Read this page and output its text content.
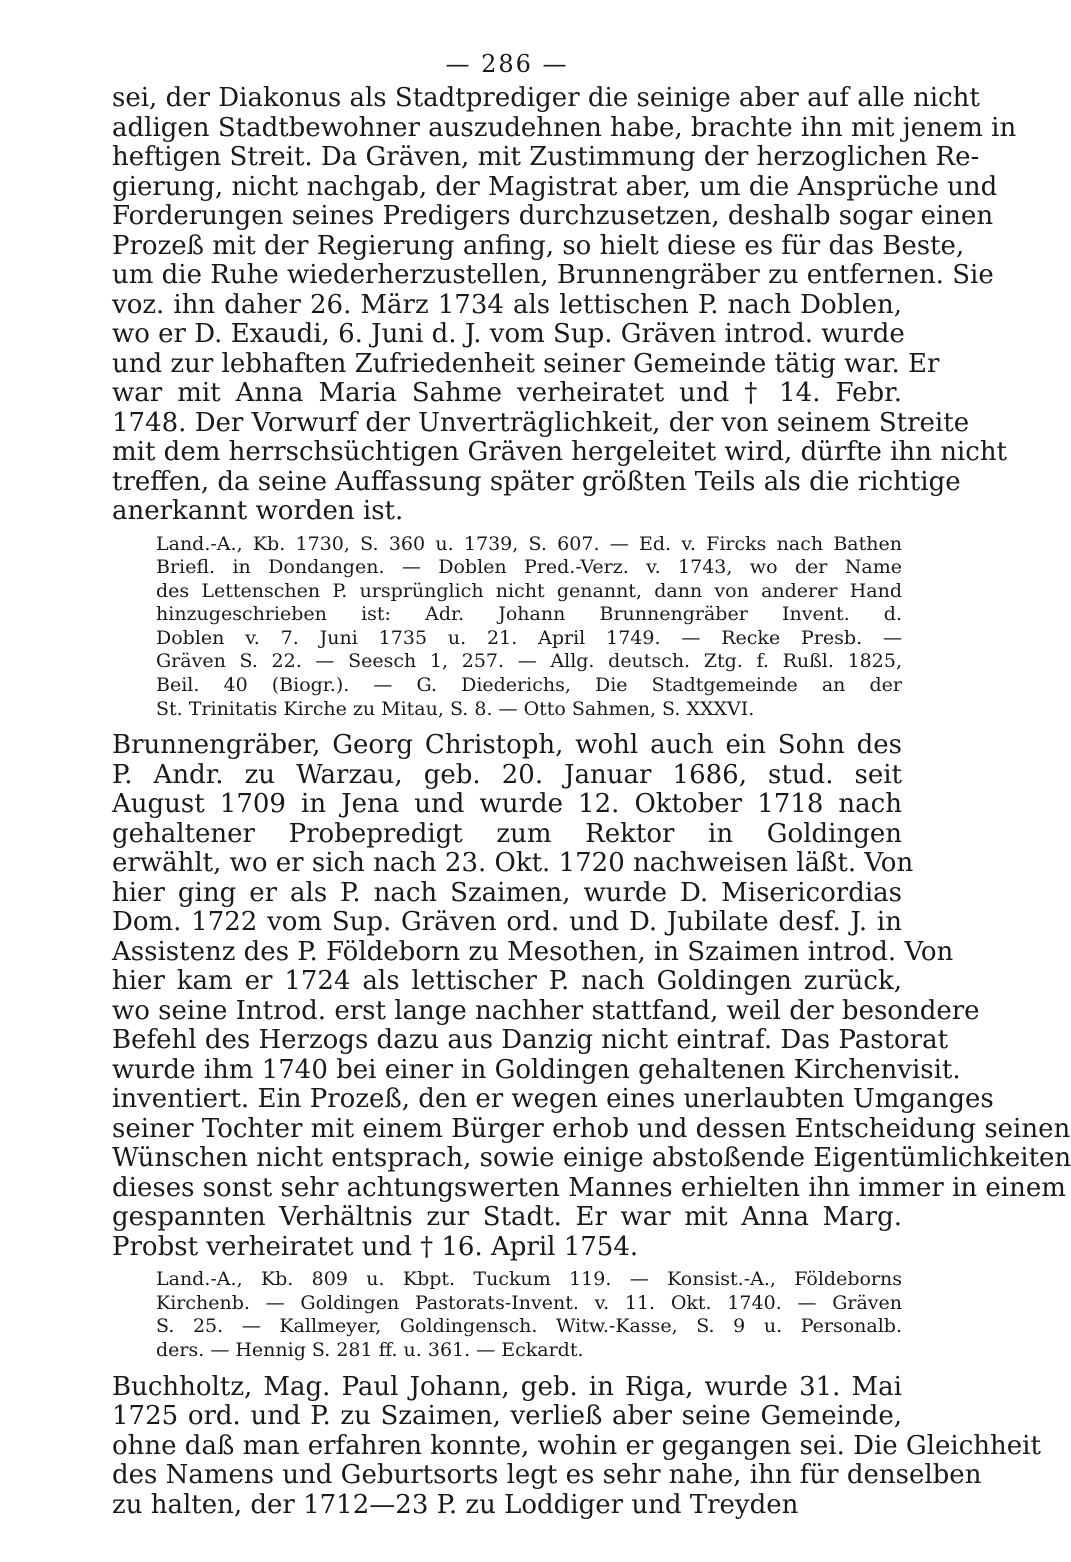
— 286 —
sei, der Diakonus als Stadtprediger die seinige aber auf alle nicht
adligen Stadtbewohner auszudehnen habe, brachte ihn mit jenem in
heftigen Streit. Da Gräven, mit Zustimmung der herzoglichen Re-
gierung, nicht nachgab, der Magistrat aber, um die Ansprüche und
Forderungen seines Predigers durchzusetzen, deshalb sogar einen
Prozeß mit der Regierung anfing, so hielt diese es für das Beste,
um die Ruhe wiederherzustellen, Brunnengräber zu entfernen. Sie
voz. ihn daher 26. März 1734 als lettischen P. nach Doblen,
wo er D. Exaudi, 6. Juni d. J. vom Sup. Gräven introd. wurde
und zur lebhaften Zufriedenheit seiner Gemeinde tätig war. Er
war mit Anna Maria Sahme verheiratet und † 14. Febr.
1748. Der Vorwurf der Unverträglichkeit, der von seinem Streite
mit dem herrschsüchtigen Gräven hergeleitet wird, dürfte ihn nicht
treffen, da seine Auffassung später größten Teils als die richtige
anerkannt worden ist.
Land.-A., Kb. 1730, S. 360 u. 1739, S. 607. — Ed. v. Fircks nach Bathen
Briefl. in Dondangen. — Doblen Pred.-Verz. v. 1743, wo der Name
des Lettenschen P. ursprünglich nicht genannt, dann von anderer Hand
hinzugeschrieben ist: Adr. Johann Brunnengräber Invent. d.
Doblen v. 7. Juni 1735 u. 21. April 1749. — Recke Presb. —
Gräven S. 22. — Seesch 1, 257. — Allg. deutsch. Ztg. f. Rußl. 1825,
Beil. 40 (Biogr.). — G. Diederichs, Die Stadtgemeinde an der
St. Trinitatis Kirche zu Mitau, S. 8. — Otto Sahmen, S. XXXVI.
Brunnengräber, Georg Christoph, wohl auch ein Sohn des
P. Andr. zu Warzau, geb. 20. Januar 1686, stud. seit
August 1709 in Jena und wurde 12. Oktober 1718 nach
gehaltener Probepredigt zum Rektor in Goldingen
erwählt, wo er sich nach 23. Okt. 1720 nachweisen läßt. Von
hier ging er als P. nach Szaimen, wurde D. Misericordias
Dom. 1722 vom Sup. Gräven ord. und D. Jubilate desf. J. in
Assistenz des P. Földeborn zu Mesothen, in Szaimen introd. Von
hier kam er 1724 als lettischer P. nach Goldingen zurück,
wo seine Introd. erst lange nachher stattfand, weil der besondere
Befehl des Herzogs dazu aus Danzig nicht eintraf. Das Pastorat
wurde ihm 1740 bei einer in Goldingen gehaltenen Kirchenvisit.
inventiert. Ein Prozeß, den er wegen eines unerlaubten Umganges
seiner Tochter mit einem Bürger erhob und dessen Entscheidung seinen
Wünschen nicht entsprach, sowie einige abstoßende Eigentümlichkeiten
dieses sonst sehr achtungswerten Mannes erhielten ihn immer in einem
gespannten Verhältnis zur Stadt. Er war mit Anna Marg.
Probst verheiratet und † 16. April 1754.
Land.-A., Kb. 809 u. Kbpt. Tuckum 119. — Konsist.-A., Földeborns
Kirchenb. — Goldingen Pastorats-Invent. v. 11. Okt. 1740. — Gräven
S. 25. — Kallmeyer, Goldingensch. Witw.-Kasse, S. 9 u. Personalb.
ders. — Hennig S. 281 ff. u. 361. — Eckardt.
Buchholtz, Mag. Paul Johann, geb. in Riga, wurde 31. Mai
1725 ord. und P. zu Szaimen, verließ aber seine Gemeinde,
ohne daß man erfahren konnte, wohin er gegangen sei. Die Gleichheit
des Namens und Geburtsorts legt es sehr nahe, ihn für denselben
zu halten, der 1712—23 P. zu Loddiger und Treyden
